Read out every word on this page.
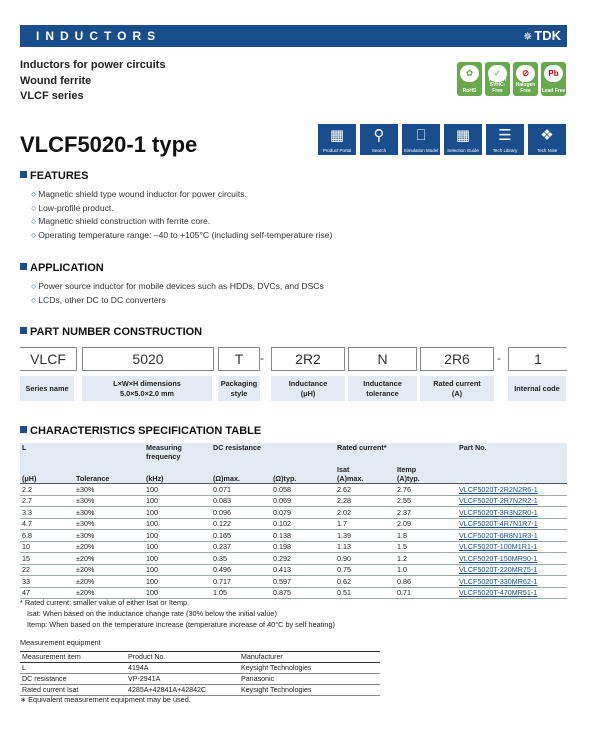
INDUCTORS	✵ TDK
Inductors for power circuits
Wound ferrite
VLCF series
✿
RoHS
✓
REACH SVHC-Free
⊘
Halogen Free
Pb
Lead Free
VLCF5020-1 type	▦
Product Portal
⚲
Search
⎕
Simulation Model
▦
Selection Guide
☰
Tech Library
❖
Tech Note
FEATURES
○ Magnetic shield type wound inductor for power circuits.
○ Low-profile product.
○ Magnetic shield construction with ferrite core.
○ Operating temperature range: –40 to +105°C (including self-temperature rise)
APPLICATION
○ Power source inductor for mobile devices such as HDDs, DVCs, and DSCs
○ LCDs, other DC to DC converters
PART NUMBER CONSTRUCTION
VLCF	5020	T	-	2R2	N	2R6	-	1
Series name
L×W×H dimensions
5.0×5.0×2.0 mm
Packaging style
Inductance
(μH)
Inductance
tolerance
Rated current
(A)
Internal code
CHARACTERISTICS SPECIFICATION TABLE
L		Measuring frequency	DC resistance		Rated current*		Part No.
					Isat	Itemp	
(μH)	Tolerance	(kHz)	(Ω)max.	(Ω)typ.	(A)max.	(A)typ.	
2.2	±30%	100	0.071	0.058	2.62	2.76	VLCF5020T-2R2N2R6-1
2.7	±30%	100	0.083	0.069	2.28	2.55	VLCF5020T-2R7N2R2-1
3.3	±30%	100	0.096	0.079	2.02	2.37	VLCF5020T-3R3N2R0-1
4.7	±30%	100	0.122	0.102	1.7	2.09	VLCF5020T-4R7N1R7-1
6.8	±30%	100	0.165	0.138	1.39	1.8	VLCF5020T-6R8N1R3-1
10	±20%	100	0.237	0.198	1.13	1.5	VLCF5020T-100M1R1-1
15	±20%	100	0.35	0.292	0.90	1.2	VLCF5020T-150MR90-1
22	±20%	100	0.496	0.413	0.75	1.0	VLCF5020T-220MR75-1
33	±20%	100	0.717	0.597	0.62	0.86	VLCF5020T-330MR62-1
47	±20%	100	1.05	0.875	0.51	0.71	VLCF5020T-470MR51-1
* Rated current: smaller value of either Isat or Itemp.
Isat: When based on the inductance change rate (30% below the initial value)
Itemp: When based on the temperature increase (temperature increase of 40°C by self heating)
Measurement equipment
Measurement item	Product No.	Manufacturer
L	4194A	Keysight Technologies
DC resistance	VP-2941A	Panasonic
Rated current Isat	4285A+42841A+42842C	Keysight Technologies
∗ Equivalent measurement equipment may be used.
